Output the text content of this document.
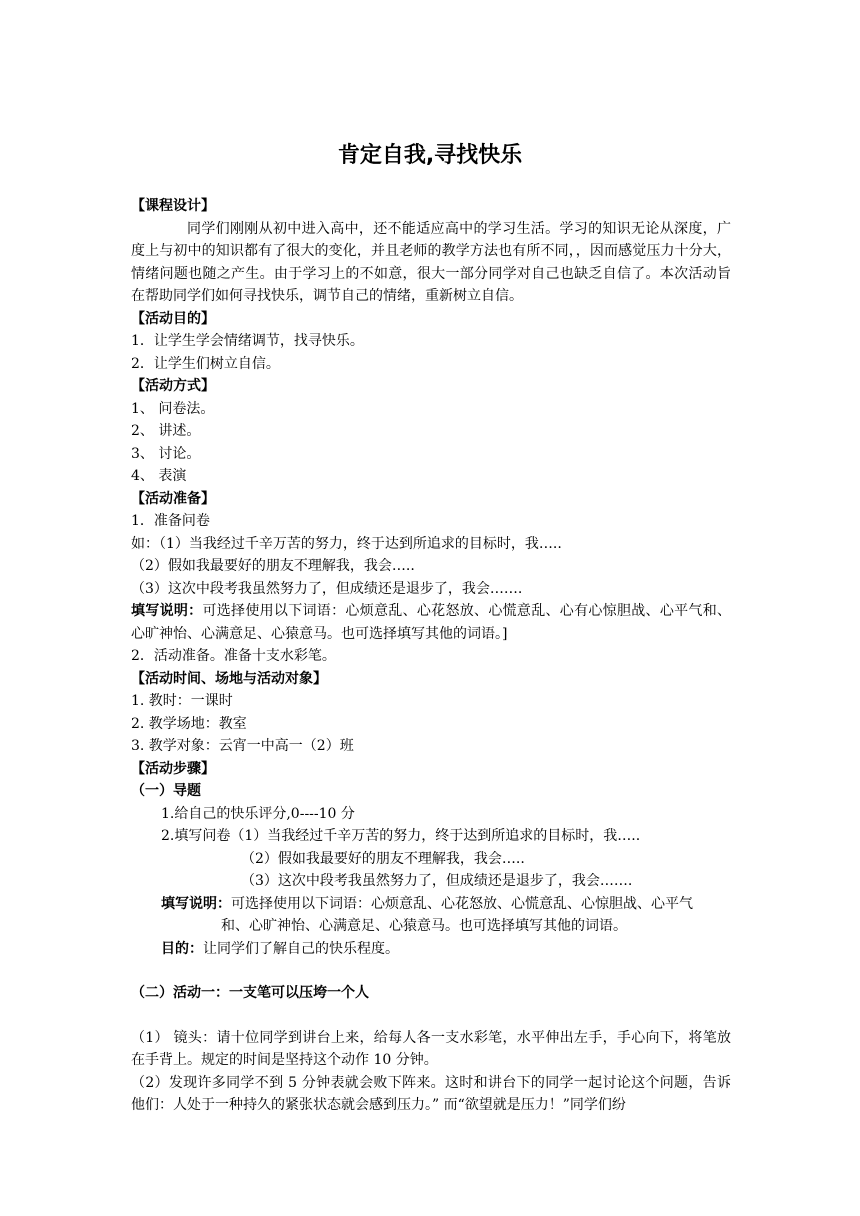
肯定自我,寻找快乐
【课程设计】
同学们刚刚从初中进入高中，还不能适应高中的学习生活。学习的知识无论从深度，广度上与初中的知识都有了很大的变化，并且老师的教学方法也有所不同，，因而感觉压力十分大，情绪问题也随之产生。由于学习上的不如意，很大一部分同学对自己也缺乏自信了。本次活动旨在帮助同学们如何寻找快乐，调节自己的情绪，重新树立自信。
【活动目的】
1．让学生学会情绪调节，找寻快乐。
2．让学生们树立自信。
【活动方式】
1、 问卷法。
2、 讲述。
3、 讨论。
4、 表演
【活动准备】
1．准备问卷
如：（1）当我经过千辛万苦的努力，终于达到所追求的目标时，我…..
（2）假如我最要好的朋友不理解我，我会…..
（3）这次中段考我虽然努力了，但成绩还是退步了，我会…….
填写说明：可选择使用以下词语：心烦意乱、心花怒放、心慌意乱、心有心惊胆战、心平气和、心旷神怡、心满意足、心猿意马。也可选择填写其他的词语。]
2．活动准备。准备十支水彩笔。
【活动时间、场地与活动对象】
1. 教时：一课时
2. 教学场地：教室
3. 教学对象：云宵一中高一（2）班
【活动步骤】
（一）导题
1.给自己的快乐评分,0----10 分
2.填写问卷（1）当我经过千辛万苦的努力，终于达到所追求的目标时，我…..
（2）假如我最要好的朋友不理解我，我会…..
（3）这次中段考我虽然努力了，但成绩还是退步了，我会…….
填写说明：可选择使用以下词语：心烦意乱、心花怒放、心慌意乱、心惊胆战、心平气
和、心旷神怡、心满意足、心猿意马。也可选择填写其他的词语。
目的：让同学们了解自己的快乐程度。
（二）活动一：一支笔可以压垮一个人
（1） 镜头：请十位同学到讲台上来，给每人各一支水彩笔，水平伸出左手，手心向下，将笔放在手背上。规定的时间是坚持这个动作 10 分钟。
（2）发现许多同学不到 5 分钟表就会败下阵来。这时和讲台下的同学一起讨论这个问题，告诉他们：人处于一种持久的紧张状态就会感到压力。” 而“欲望就是压力！”同学们纷
